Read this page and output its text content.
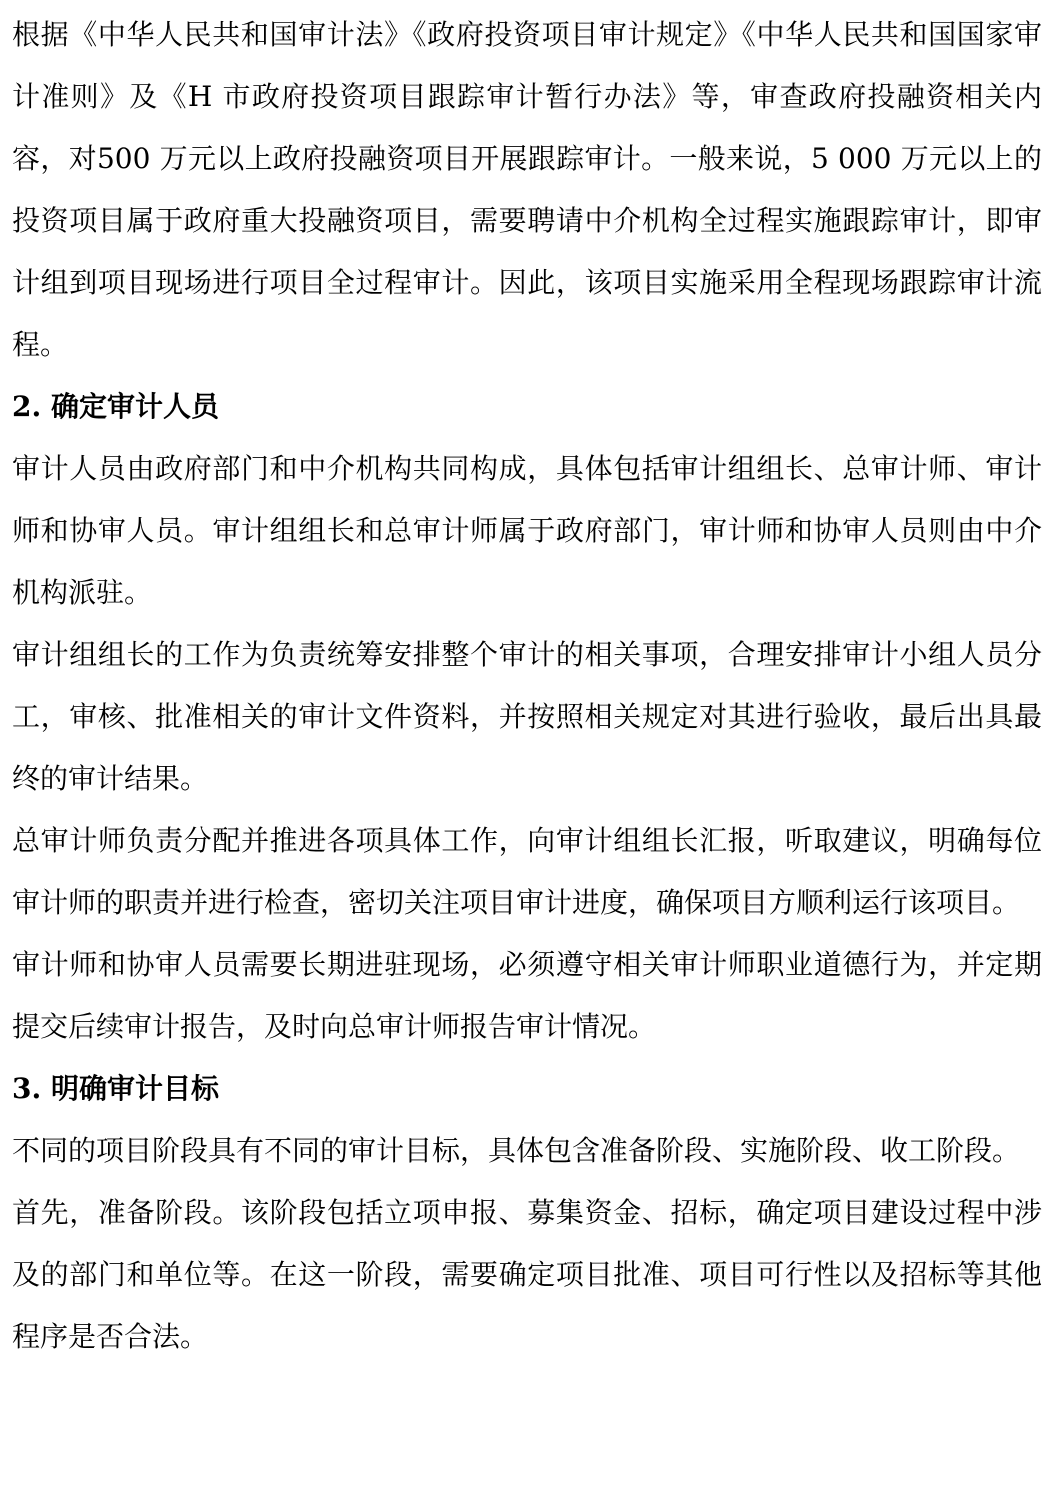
根据《中华人民共和国审计法》《政府投资项目审计规定》《中华人民共和国国家审计准则》及《H 市政府投资项目跟踪审计暂行办法》等，审查政府投融资相关内容，对500 万元以上政府投融资项目开展跟踪审计。一般来说，5 000 万元以上的投资项目属于政府重大投融资项目，需要聘请中介机构全过程实施跟踪审计，即审计组到项目现场进行项目全过程审计。因此，该项目实施采用全程现场跟踪审计流程。

2. 确定审计人员

审计人员由政府部门和中介机构共同构成，具体包括审计组组长、总审计师、审计师和协审人员。审计组组长和总审计师属于政府部门，审计师和协审人员则由中介机构派驻。

审计组组长的工作为负责统筹安排整个审计的相关事项，合理安排审计小组人员分工，审核、批准相关的审计文件资料，并按照相关规定对其进行验收，最后出具最终的审计结果。

总审计师负责分配并推进各项具体工作，向审计组组长汇报，听取建议，明确每位审计师的职责并进行检查，密切关注项目审计进度，确保项目方顺利运行该项目。

审计师和协审人员需要长期进驻现场，必须遵守相关审计师职业道德行为，并定期提交后续审计报告，及时向总审计师报告审计情况。

3. 明确审计目标

不同的项目阶段具有不同的审计目标，具体包含准备阶段、实施阶段、收工阶段。

首先，准备阶段。该阶段包括立项申报、募集资金、招标，确定项目建设过程中涉及的部门和单位等。在这一阶段，需要确定项目批准、项目可行性以及招标等其他程序是否合法。
